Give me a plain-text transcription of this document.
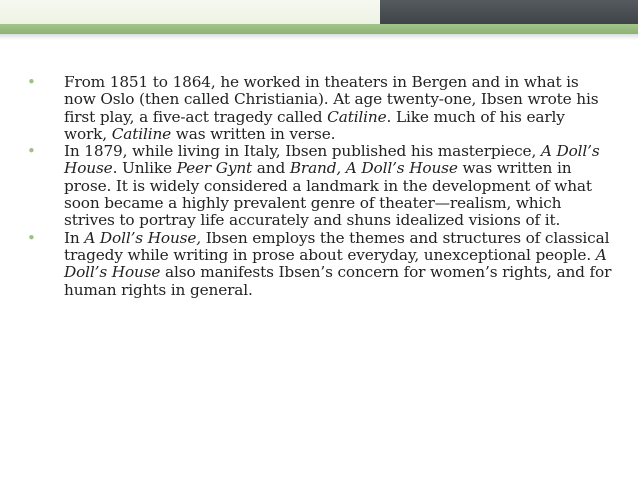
• From 1851 to 1864, he worked in theaters in Bergen and in what is now Oslo (then called Christiania). At age twenty-one, Ibsen wrote his first play, a five-act tragedy called Catiline. Like much of his early work, Catiline was written in verse.
• In 1879, while living in Italy, Ibsen published his masterpiece, A Doll’s House. Unlike Peer Gynt and Brand, A Doll’s House was written in prose. It is widely considered a landmark in the development of what soon became a highly prevalent genre of theater—realism, which strives to portray life accurately and shuns idealized visions of it.
• In A Doll’s House, Ibsen employs the themes and structures of classical tragedy while writing in prose about everyday, unexceptional people. A Doll’s House also manifests Ibsen’s concern for women’s rights, and for human rights in general.
